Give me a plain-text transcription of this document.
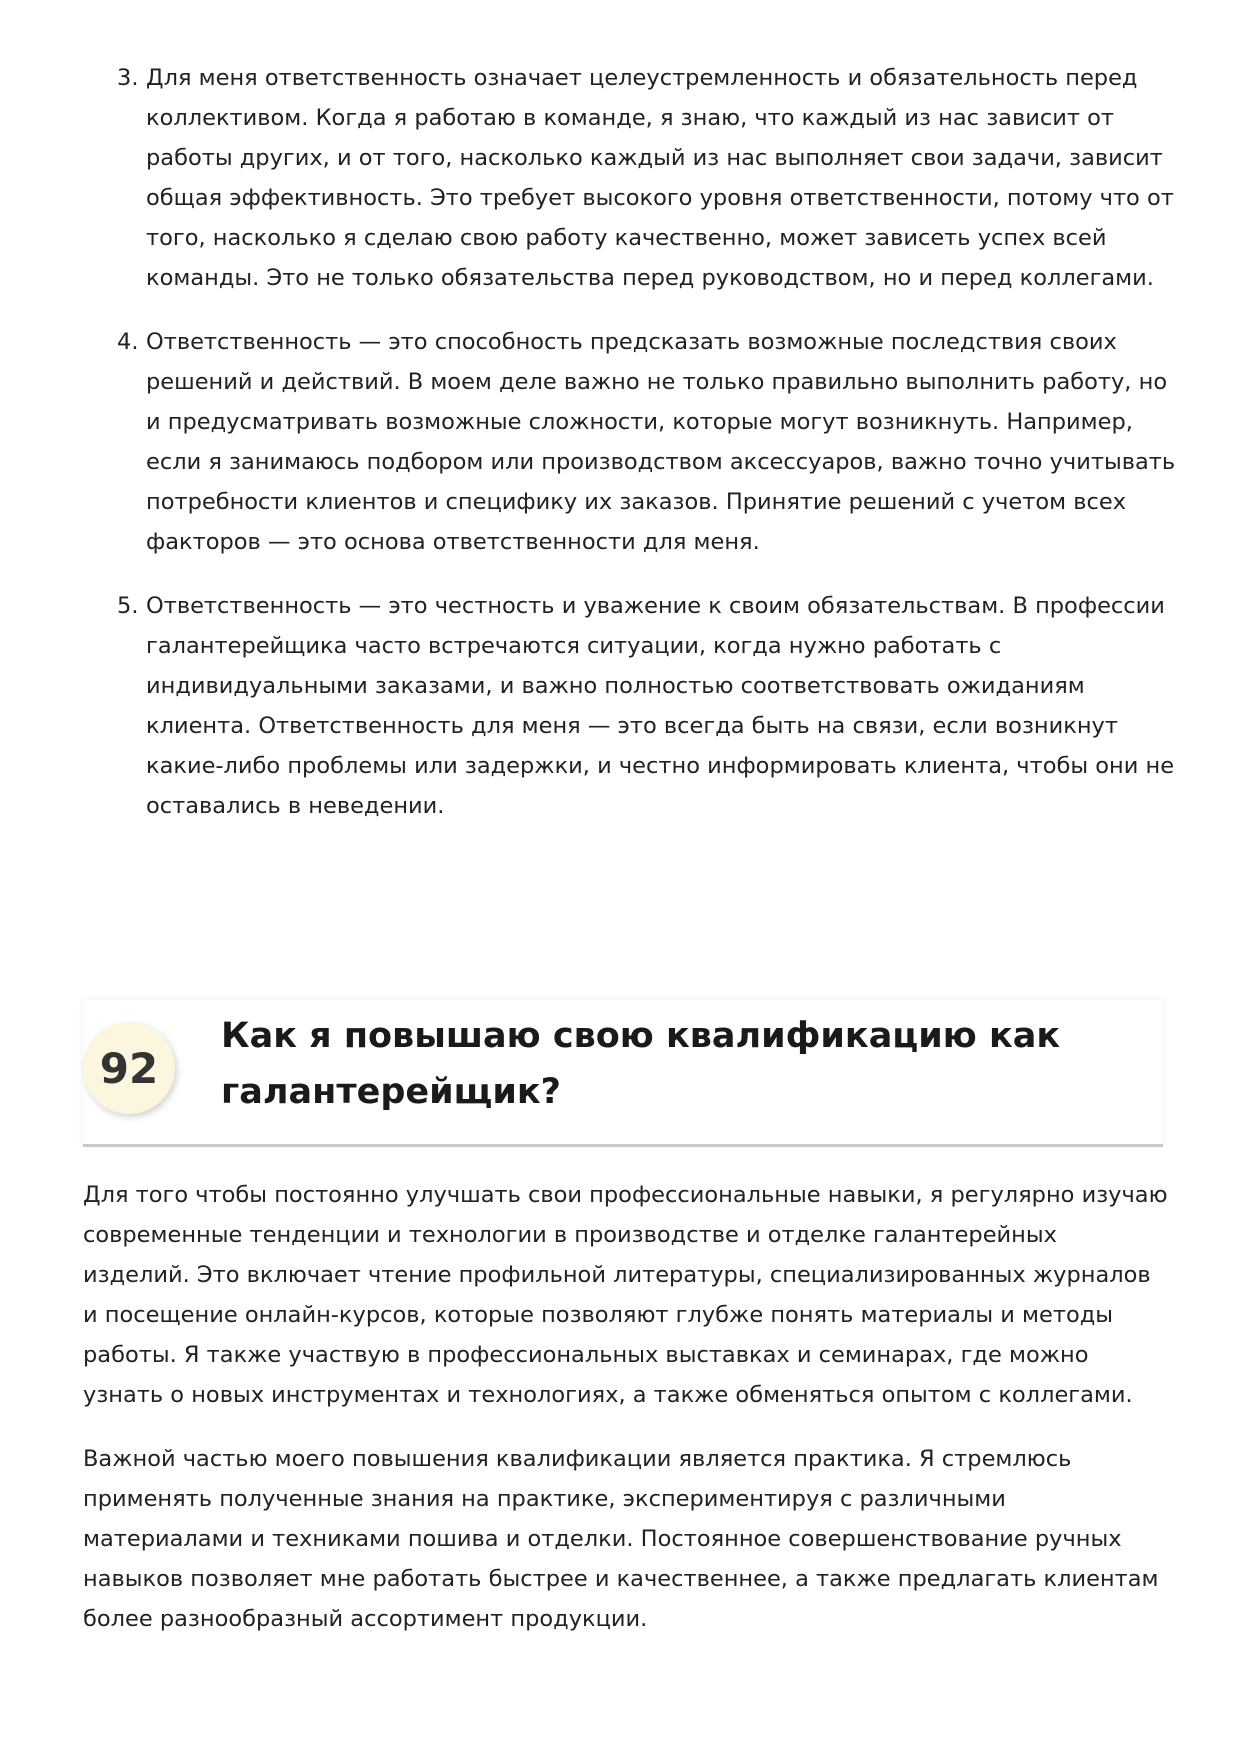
3. Для меня ответственность означает целеустремленность и обязательность перед коллективом. Когда я работаю в команде, я знаю, что каждый из нас зависит от работы других, и от того, насколько каждый из нас выполняет свои задачи, зависит общая эффективность. Это требует высокого уровня ответственности, потому что от того, насколько я сделаю свою работу качественно, может зависеть успех всей команды. Это не только обязательства перед руководством, но и перед коллегами.
4. Ответственность — это способность предсказать возможные последствия своих решений и действий. В моем деле важно не только правильно выполнить работу, но и предусматривать возможные сложности, которые могут возникнуть. Например, если я занимаюсь подбором или производством аксессуаров, важно точно учитывать потребности клиентов и специфику их заказов. Принятие решений с учетом всех факторов — это основа ответственности для меня.
5. Ответственность — это честность и уважение к своим обязательствам. В профессии галантерейщика часто встречаются ситуации, когда нужно работать с индивидуальными заказами, и важно полностью соответствовать ожиданиям клиента. Ответственность для меня — это всегда быть на связи, если возникнут какие-либо проблемы или задержки, и честно информировать клиента, чтобы они не оставались в неведении.
92
Как я повышаю свою квалификацию как галантерейщик?

Для того чтобы постоянно улучшать свои профессиональные навыки, я регулярно изучаю современные тенденции и технологии в производстве и отделке галантерейных изделий. Это включает чтение профильной литературы, специализированных журналов и посещение онлайн-курсов, которые позволяют глубже понять материалы и методы работы. Я также участвую в профессиональных выставках и семинарах, где можно узнать о новых инструментах и технологиях, а также обменяться опытом с коллегами.

Важной частью моего повышения квалификации является практика. Я стремлюсь применять полученные знания на практике, экспериментируя с различными материалами и техниками пошива и отделки. Постоянное совершенствование ручных навыков позволяет мне работать быстрее и качественнее, а также предлагать клиентам более разнообразный ассортимент продукции.
